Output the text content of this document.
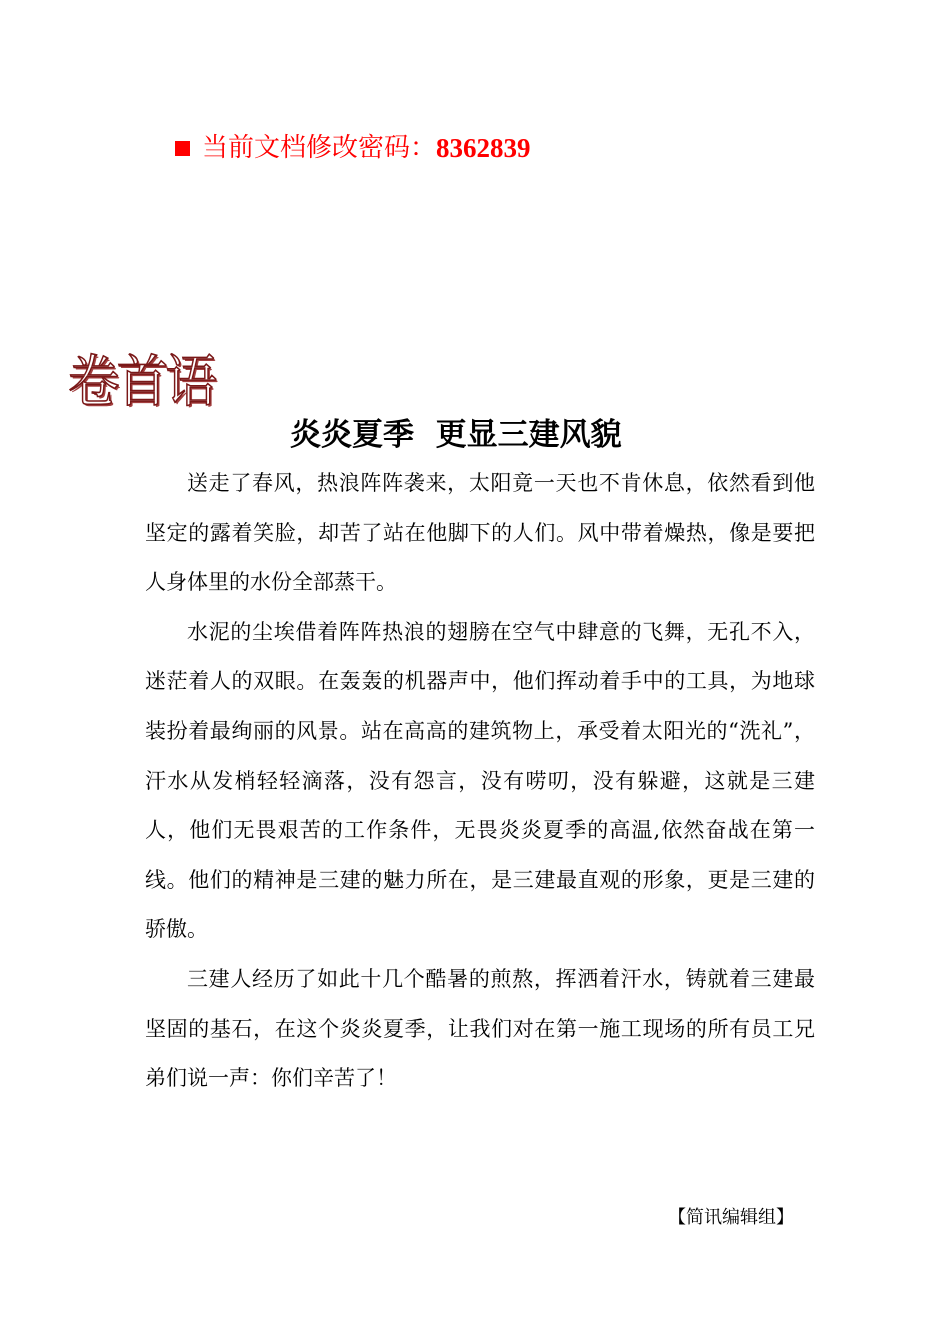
当前文档修改密码： 8362839
卷首语
炎炎夏季  更显三建风貌

送走了春风，热浪阵阵袭来，太阳竟一天也不肯休息，依然看到他坚定的露着笑脸，却苦了站在他脚下的人们。风中带着燥热，像是要把人身体里的水份全部蒸干。

水泥的尘埃借着阵阵热浪的翅膀在空气中肆意的飞舞，无孔不入，迷茫着人的双眼。在轰轰的机器声中，他们挥动着手中的工具，为地球装扮着最绚丽的风景。站在高高的建筑物上，承受着太阳光的“洗礼”，汗水从发梢轻轻滴落，没有怨言，没有唠叨，没有躲避，这就是三建人，他们无畏艰苦的工作条件，无畏炎炎夏季的高温,依然奋战在第一线。他们的精神是三建的魅力所在，是三建最直观的形象，更是三建的骄傲。

三建人经历了如此十几个酷暑的煎熬，挥洒着汗水，铸就着三建最坚固的基石，在这个炎炎夏季，让我们对在第一施工现场的所有员工兄弟们说一声：你们辛苦了！

【简讯编辑组】
